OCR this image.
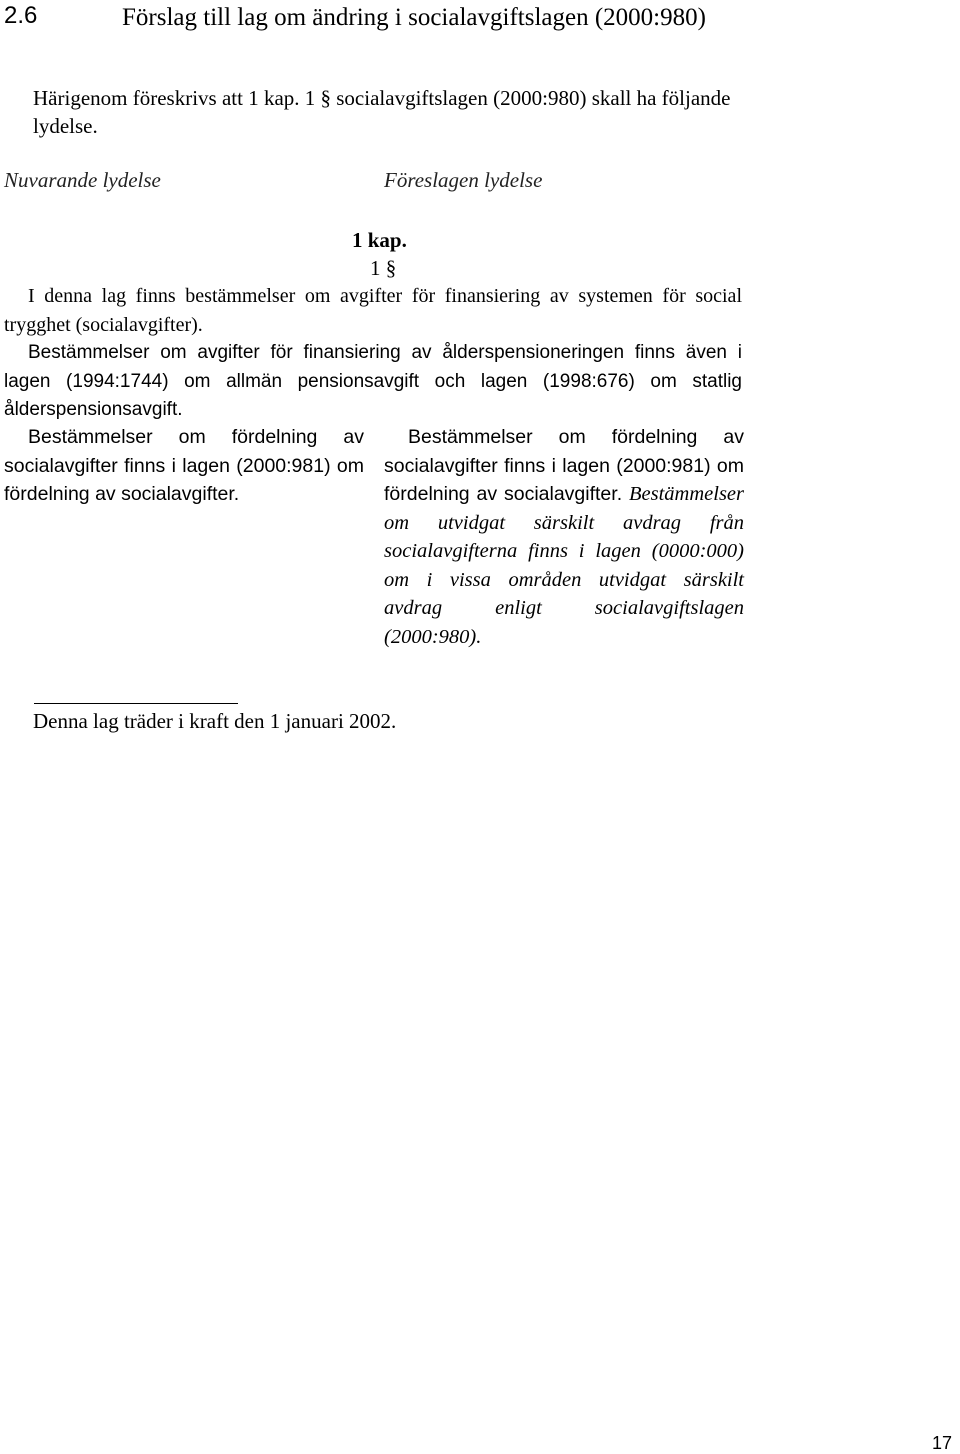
2.6	Förslag till lag om ändring i socialavgiftslagen (2000:980)
Härigenom föreskrivs att 1 kap. 1 § socialavgiftslagen (2000:980) skall ha följande lydelse.
Nuvarande lydelse	Föreslagen lydelse
1 kap.
1 §
I denna lag finns bestämmelser om avgifter för finansiering av systemen för social trygghet (socialavgifter).
Bestämmelser om avgifter för finansiering av ålderspensioneringen finns även i lagen (1994:1744) om allmän pensionsavgift och lagen (1998:676) om statlig ålderspensionsavgift.
Bestämmelser om fördelning av socialavgifter finns i lagen (2000:981) om fördelning av socialavgifter.
Bestämmelser om fördelning av socialavgifter finns i lagen (2000:981) om fördelning av socialavgifter. Bestämmelser om utvidgat särskilt avdrag från socialavgifterna finns i lagen (0000:000) om i vissa områden utvidgat särskilt avdrag enligt socialavgiftslagen (2000:980).
Denna lag träder i kraft den 1 januari 2002.
17
